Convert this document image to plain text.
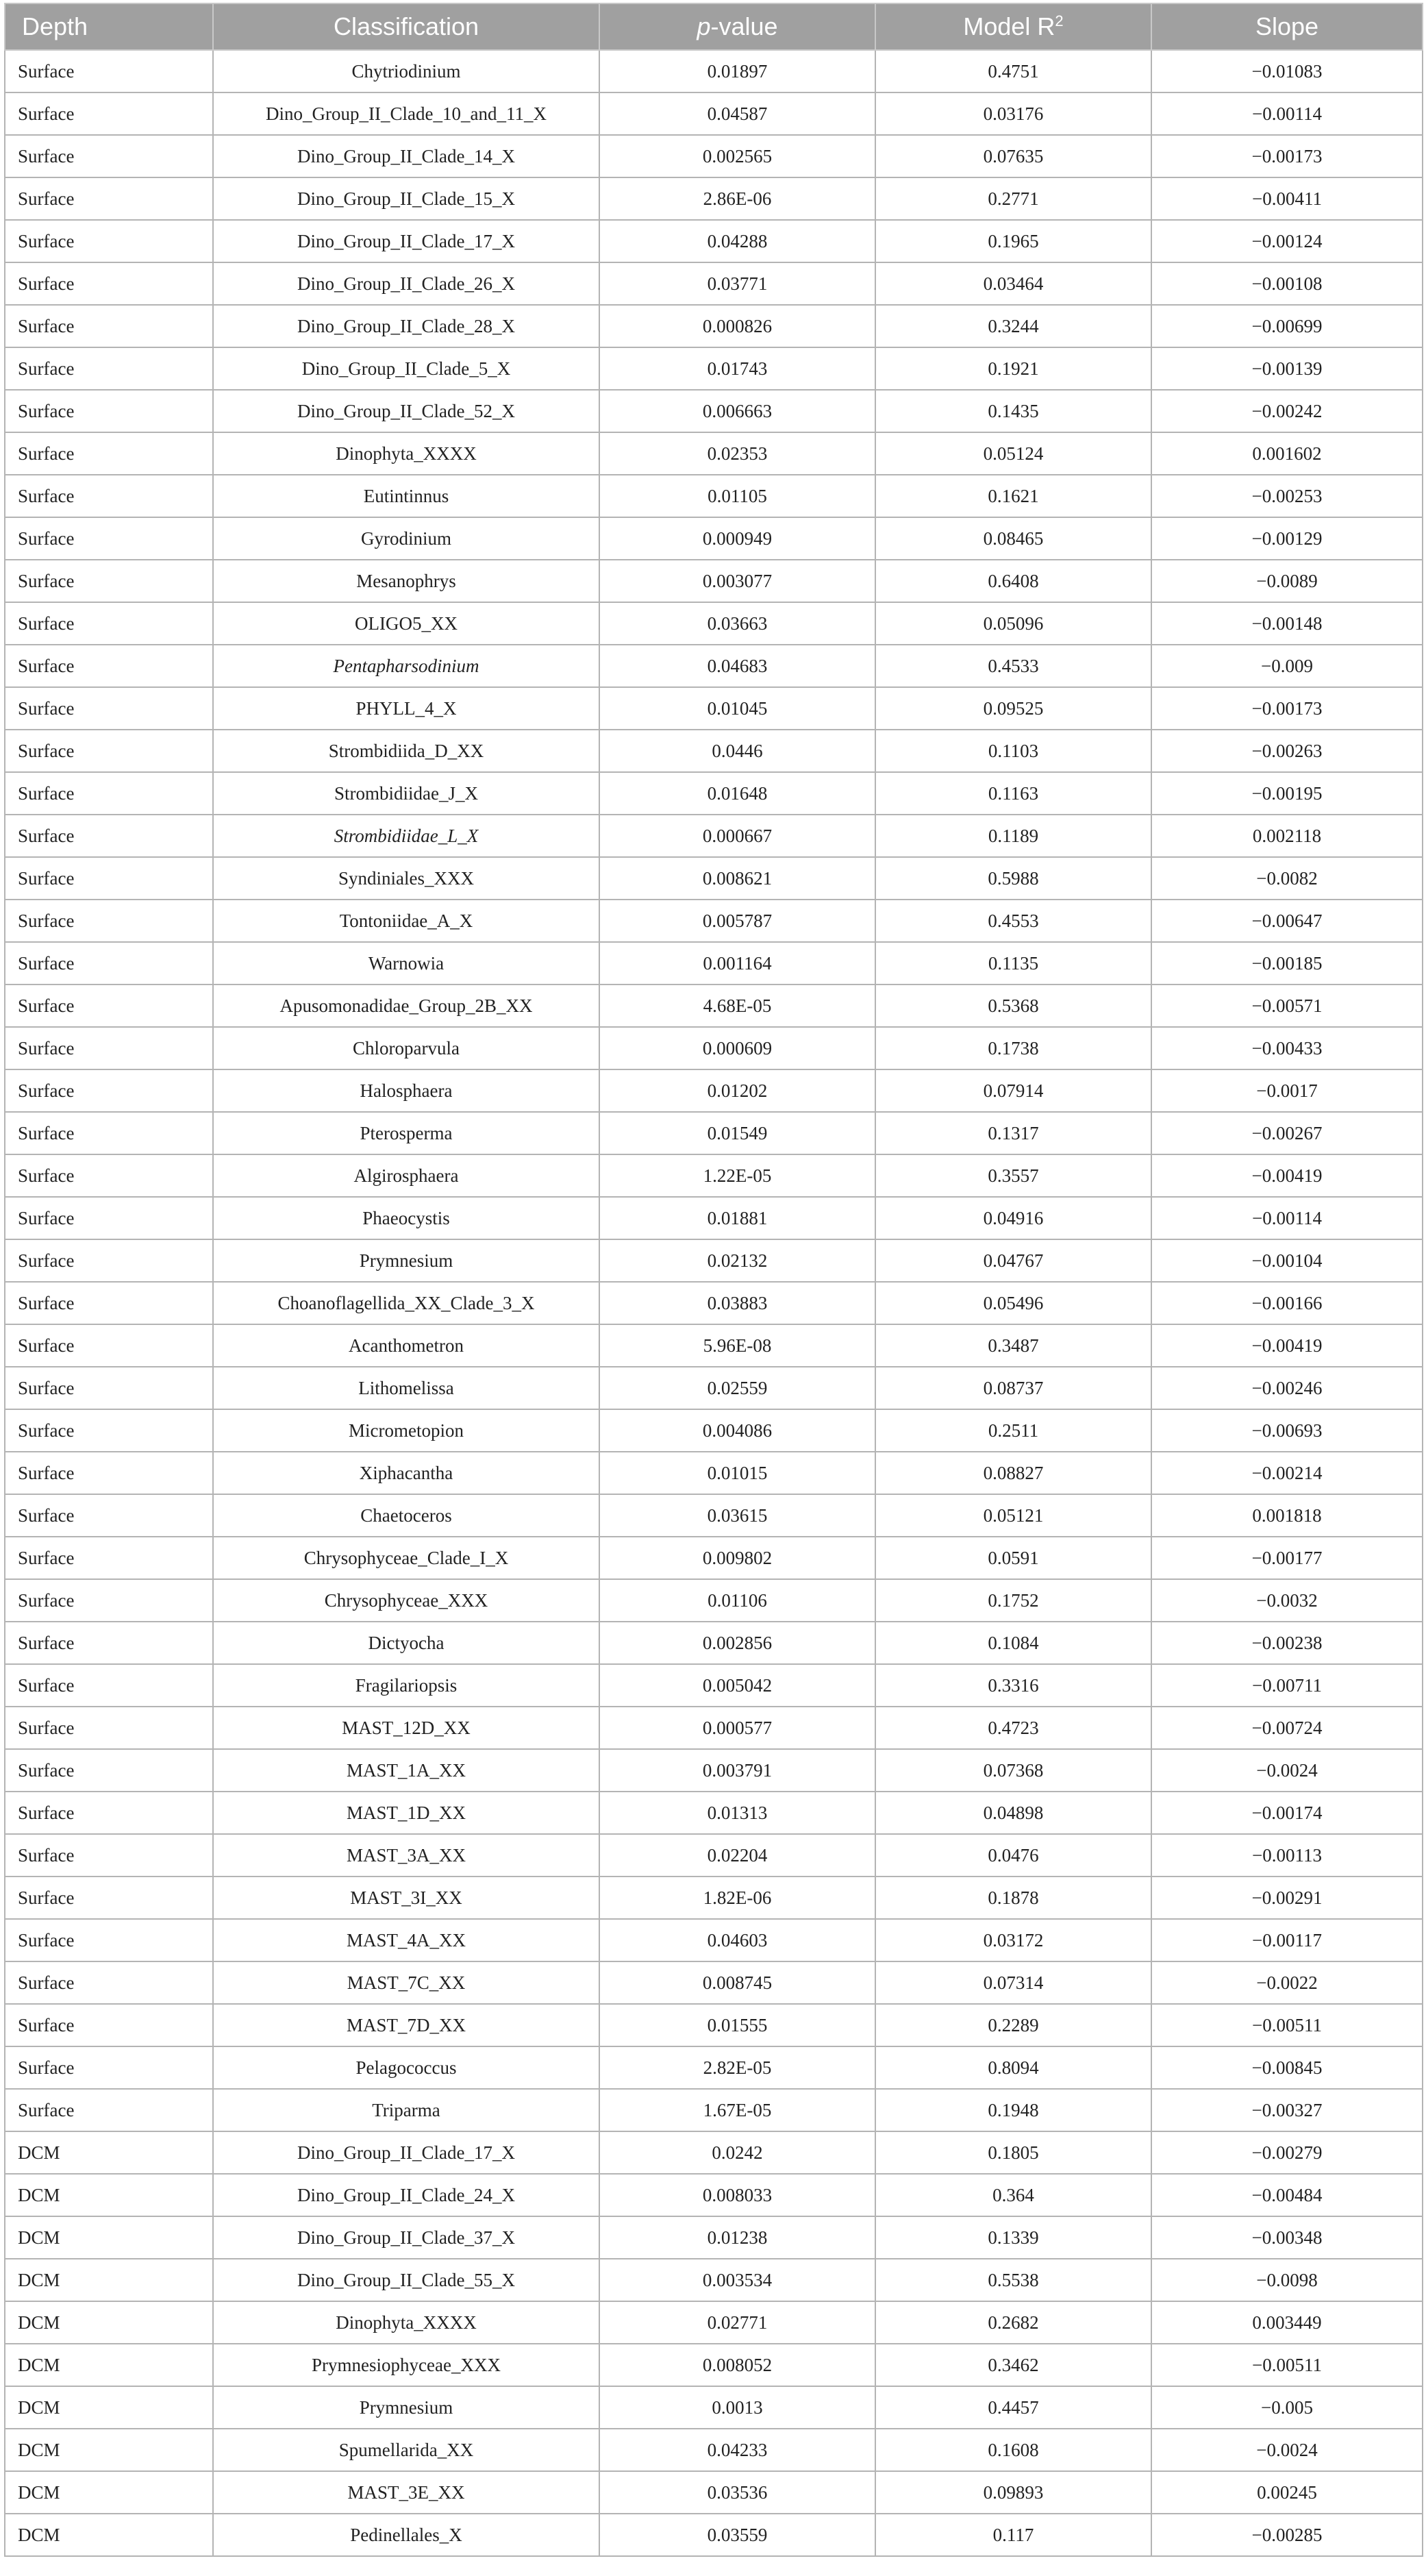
Depth	Classification	p-value	Model $R^2$	Slope
Surface	Chytriodinium	0.01897	0.4751	−0.01083
Surface	Dino_Group_II_Clade_10_and_11_X	0.04587	0.03176	−0.00114
Surface	Dino_Group_II_Clade_14_X	0.002565	0.07635	−0.00173
Surface	Dino_Group_II_Clade_15_X	2.86E-06	0.2771	−0.00411
Surface	Dino_Group_II_Clade_17_X	0.04288	0.1965	−0.00124
Surface	Dino_Group_II_Clade_26_X	0.03771	0.03464	−0.00108
Surface	Dino_Group_II_Clade_28_X	0.000826	0.3244	−0.00699
Surface	Dino_Group_II_Clade_5_X	0.01743	0.1921	−0.00139
Surface	Dino_Group_II_Clade_52_X	0.006663	0.1435	−0.00242
Surface	Dinophyta_XXXX	0.02353	0.05124	0.001602
Surface	Eutintinnus	0.01105	0.1621	−0.00253
Surface	Gyrodinium	0.000949	0.08465	−0.00129
Surface	Mesanophrys	0.003077	0.6408	−0.0089
Surface	OLIGO5_XX	0.03663	0.05096	−0.00148
Surface	Pentapharsodinium	0.04683	0.4533	−0.009
Surface	PHYLL_4_X	0.01045	0.09525	−0.00173
Surface	Strombidiida_D_XX	0.0446	0.1103	−0.00263
Surface	Strombidiidae_J_X	0.01648	0.1163	−0.00195
Surface	Strombidiidae_L_X	0.000667	0.1189	0.002118
Surface	Syndiniales_XXX	0.008621	0.5988	−0.0082
Surface	Tontoniidae_A_X	0.005787	0.4553	−0.00647
Surface	Warnowia	0.001164	0.1135	−0.00185
Surface	Apusomonadidae_Group_2B_XX	4.68E-05	0.5368	−0.00571
Surface	Chloroparvula	0.000609	0.1738	−0.00433
Surface	Halosphaera	0.01202	0.07914	−0.0017
Surface	Pterosperma	0.01549	0.1317	−0.00267
Surface	Algirosphaera	1.22E-05	0.3557	−0.00419
Surface	Phaeocystis	0.01881	0.04916	−0.00114
Surface	Prymnesium	0.02132	0.04767	−0.00104
Surface	Choanoflagellida_XX_Clade_3_X	0.03883	0.05496	−0.00166
Surface	Acanthometron	5.96E-08	0.3487	−0.00419
Surface	Lithomelissa	0.02559	0.08737	−0.00246
Surface	Micrometopion	0.004086	0.2511	−0.00693
Surface	Xiphacantha	0.01015	0.08827	−0.00214
Surface	Chaetoceros	0.03615	0.05121	0.001818
Surface	Chrysophyceae_Clade_I_X	0.009802	0.0591	−0.00177
Surface	Chrysophyceae_XXX	0.01106	0.1752	−0.0032
Surface	Dictyocha	0.002856	0.1084	−0.00238
Surface	Fragilariopsis	0.005042	0.3316	−0.00711
Surface	MAST_12D_XX	0.000577	0.4723	−0.00724
Surface	MAST_1A_XX	0.003791	0.07368	−0.0024
Surface	MAST_1D_XX	0.01313	0.04898	−0.00174
Surface	MAST_3A_XX	0.02204	0.0476	−0.00113
Surface	MAST_3I_XX	1.82E-06	0.1878	−0.00291
Surface	MAST_4A_XX	0.04603	0.03172	−0.00117
Surface	MAST_7C_XX	0.008745	0.07314	−0.0022
Surface	MAST_7D_XX	0.01555	0.2289	−0.00511
Surface	Pelagococcus	2.82E-05	0.8094	−0.00845
Surface	Triparma	1.67E-05	0.1948	−0.00327
DCM	Dino_Group_II_Clade_17_X	0.0242	0.1805	−0.00279
DCM	Dino_Group_II_Clade_24_X	0.008033	0.364	−0.00484
DCM	Dino_Group_II_Clade_37_X	0.01238	0.1339	−0.00348
DCM	Dino_Group_II_Clade_55_X	0.003534	0.5538	−0.0098
DCM	Dinophyta_XXXX	0.02771	0.2682	0.003449
DCM	Prymnesiophyceae_XXX	0.008052	0.3462	−0.00511
DCM	Prymnesium	0.0013	0.4457	−0.005
DCM	Spumellarida_XX	0.04233	0.1608	−0.0024
DCM	MAST_3E_XX	0.03536	0.09893	0.00245
DCM	Pedinellales_X	0.03559	0.117	−0.00285
